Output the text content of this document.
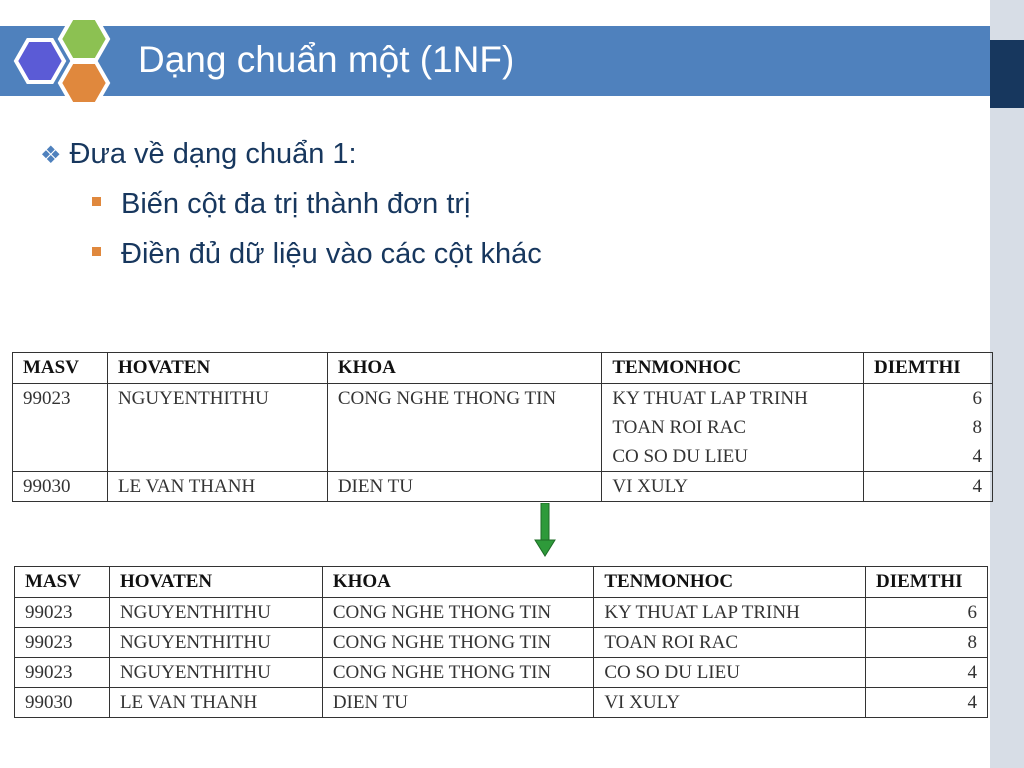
Dạng chuẩn một (1NF)
❖ Đưa về dạng chuẩn 1:
Biến cột đa trị thành đơn trị
Điền đủ dữ liệu vào các cột khác
MASV	HOVATEN	KHOA	TENMONHOC	DIEMTHI
99023	NGUYENTHITHU	CONG NGHE THONG TIN	KY THUAT LAP TRINH	6
			TOAN ROI RAC	8
			CO SO DU LIEU	4
99030	LE VAN THANH	DIEN TU	VI XULY	4
MASV	HOVATEN	KHOA	TENMONHOC	DIEMTHI
99023	NGUYENTHITHU	CONG NGHE THONG TIN	KY THUAT LAP TRINH	6
99023	NGUYENTHITHU	CONG NGHE THONG TIN	TOAN ROI RAC	8
99023	NGUYENTHITHU	CONG NGHE THONG TIN	CO SO DU LIEU	4
99030	LE VAN THANH	DIEN TU	VI XULY	4
